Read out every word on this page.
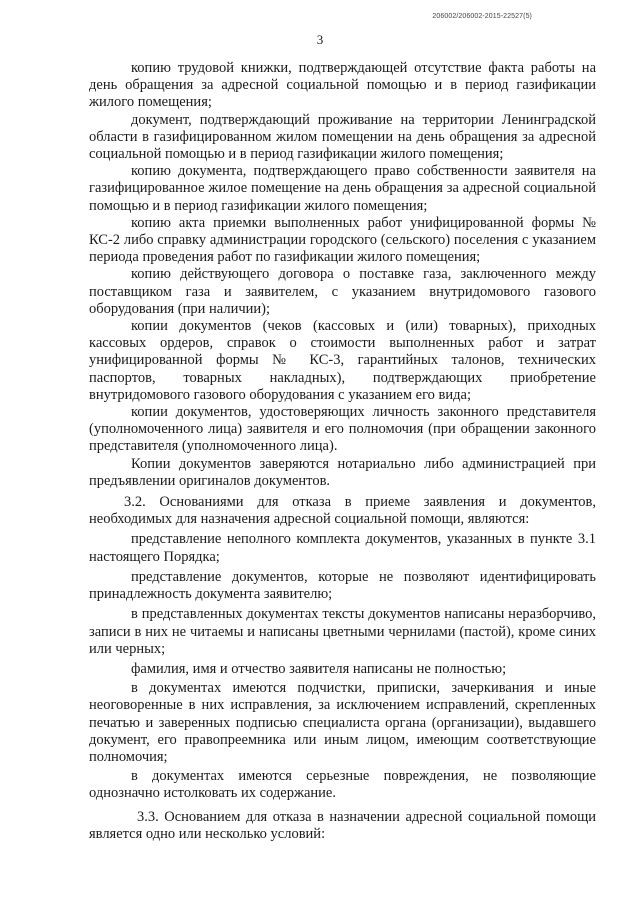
206002/206002-2015-22527(5)
3

копию трудовой книжки, подтверждающей отсутствие факта работы на день обращения за адресной социальной помощью и в период газификации жилого помещения;

документ, подтверждающий проживание на территории Ленинградской области в газифицированном жилом помещении на день обращения за адресной социальной помощью и в период газификации жилого помещения;

копию документа, подтверждающего право собственности заявителя на газифицированное жилое помещение на день обращения за адресной социальной помощью и в период газификации жилого помещения;

копию акта приемки выполненных работ унифицированной формы № КС-2 либо справку администрации городского (сельского) поселения с указанием периода проведения работ по газификации жилого помещения;

копию действующего договора о поставке газа, заключенного между поставщиком газа и заявителем, с указанием внутридомового газового оборудования (при наличии);

копии документов (чеков (кассовых и (или) товарных), приходных кассовых ордеров, справок о стоимости выполненных работ и затрат унифицированной формы № КС-3, гарантийных талонов, технических паспортов, товарных накладных), подтверждающих приобретение внутридомового газового оборудования с указанием его вида;

копии документов, удостоверяющих личность законного представителя (уполномоченного лица) заявителя и его полномочия (при обращении законного представителя (уполномоченного лица).

Копии документов заверяются нотариально либо администрацией при предъявлении оригиналов документов.

3.2. Основаниями для отказа в приеме заявления и документов, необходимых для назначения адресной социальной помощи, являются:

представление неполного комплекта документов, указанных в пункте 3.1 настоящего Порядка;

представление документов, которые не позволяют идентифицировать принадлежность документа заявителю;

в представленных документах тексты документов написаны неразборчиво, записи в них не читаемы и написаны цветными чернилами (пастой), кроме синих или черных;

фамилия, имя и отчество заявителя написаны не полностью;

в документах имеются подчистки, приписки, зачеркивания и иные неоговоренные в них исправления, за исключением исправлений, скрепленных печатью и заверенных подписью специалиста органа (организации), выдавшего документ, его правопреемника или иным лицом, имеющим соответствующие полномочия;

в документах имеются серьезные повреждения, не позволяющие однозначно истолковать их содержание.

3.3. Основанием для отказа в назначении адресной социальной помощи является одно или несколько условий:
